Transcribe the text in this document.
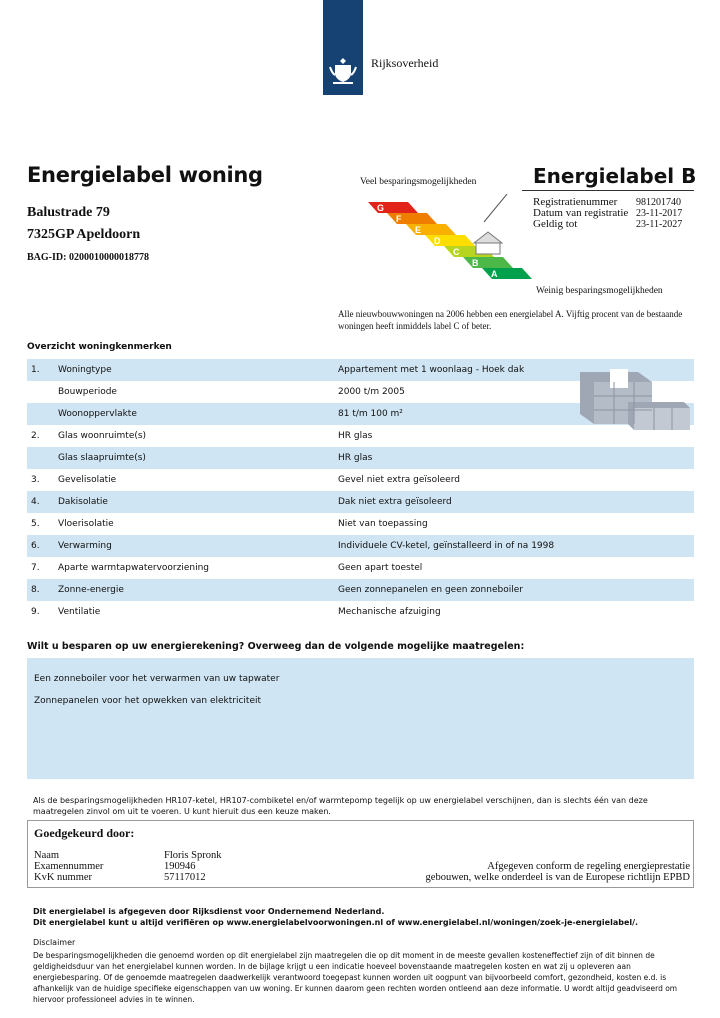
Rijksoverheid
Energielabel woning
Balustrade 79
7325GP Apeldoorn
BAG-ID: 0200010000018778
Veel besparingsmogelijkheden
Weinig besparingsmogelijkheden
Energielabel B
G
F
E
D
C
B
A
Registratienummer 981201740
Datum van registratie 23-11-2017
Geldig tot	23-11-2027
Alle nieuwbouwwoningen na 2006 hebben een energielabel A. Vijftig procent van de bestaande woningen heeft inmiddels label C of beter.
Overzicht woningkenmerken
1. Woningtype	Appartement met 1 woonlaag - Hoek dak
Bouwperiode	2000 t/m 2005
Woonoppervlakte	81 t/m 100 m²
2. Glas woonruimte(s)	HR glas
Glas slaapruimte(s)	HR glas
3. Gevelisolatie	Gevel niet extra geïsoleerd
4. Dakisolatie	Dak niet extra geïsoleerd
5. Vloerisolatie	Niet van toepassing
6. Verwarming	Individuele CV-ketel, geïnstalleerd in of na 1998
7. Aparte warmtapwatervoorziening	Geen apart toestel
8. Zonne-energie	Geen zonnepanelen en geen zonneboiler
9. Ventilatie	Mechanische afzuiging
Wilt u besparen op uw energierekening? Overweeg dan de volgende mogelijke maatregelen:
Een zonneboiler voor het verwarmen van uw tapwater
Zonnepanelen voor het opwekken van elektriciteit
Als de besparingsmogelijkheden HR107-ketel, HR107-combiketel en/of warmtepomp tegelijk op uw energielabel verschijnen, dan is slechts één van deze maatregelen zinvol om uit te voeren. U kunt hieruit dus een keuze maken.
Goedgekeurd door:
Naam	Floris Spronk
Examennummer	190946
KvK nummer	57117012
Afgegeven conform de regeling energieprestatie
gebouwen, welke onderdeel is van de Europese richtlijn EPBD
Dit energielabel is afgegeven door Rijksdienst voor Ondernemend Nederland.
Dit energielabel kunt u altijd verifiëren op www.energielabelvoorwoningen.nl of www.energielabel.nl/woningen/zoek-je-energielabel/.
Disclaimer
De besparingsmogelijkheden die genoemd worden op dit energielabel zijn maatregelen die op dit moment in de meeste gevallen kosteneffectief zijn of dit binnen de geldigheidsduur van het energielabel kunnen worden. In de bijlage krijgt u een indicatie hoeveel bovenstaande maatregelen kosten en wat zij u opleveren aan energiebesparing. Of de genoemde maatregelen daadwerkelijk verantwoord toegepast kunnen worden uit oogpunt van bijvoorbeeld comfort, gezondheid, kosten e.d. is afhankelijk van de huidige specifieke eigenschappen van uw woning. Er kunnen daarom geen rechten worden ontleend aan deze informatie. U wordt altijd geadviseerd om hiervoor professioneel advies in te winnen.
